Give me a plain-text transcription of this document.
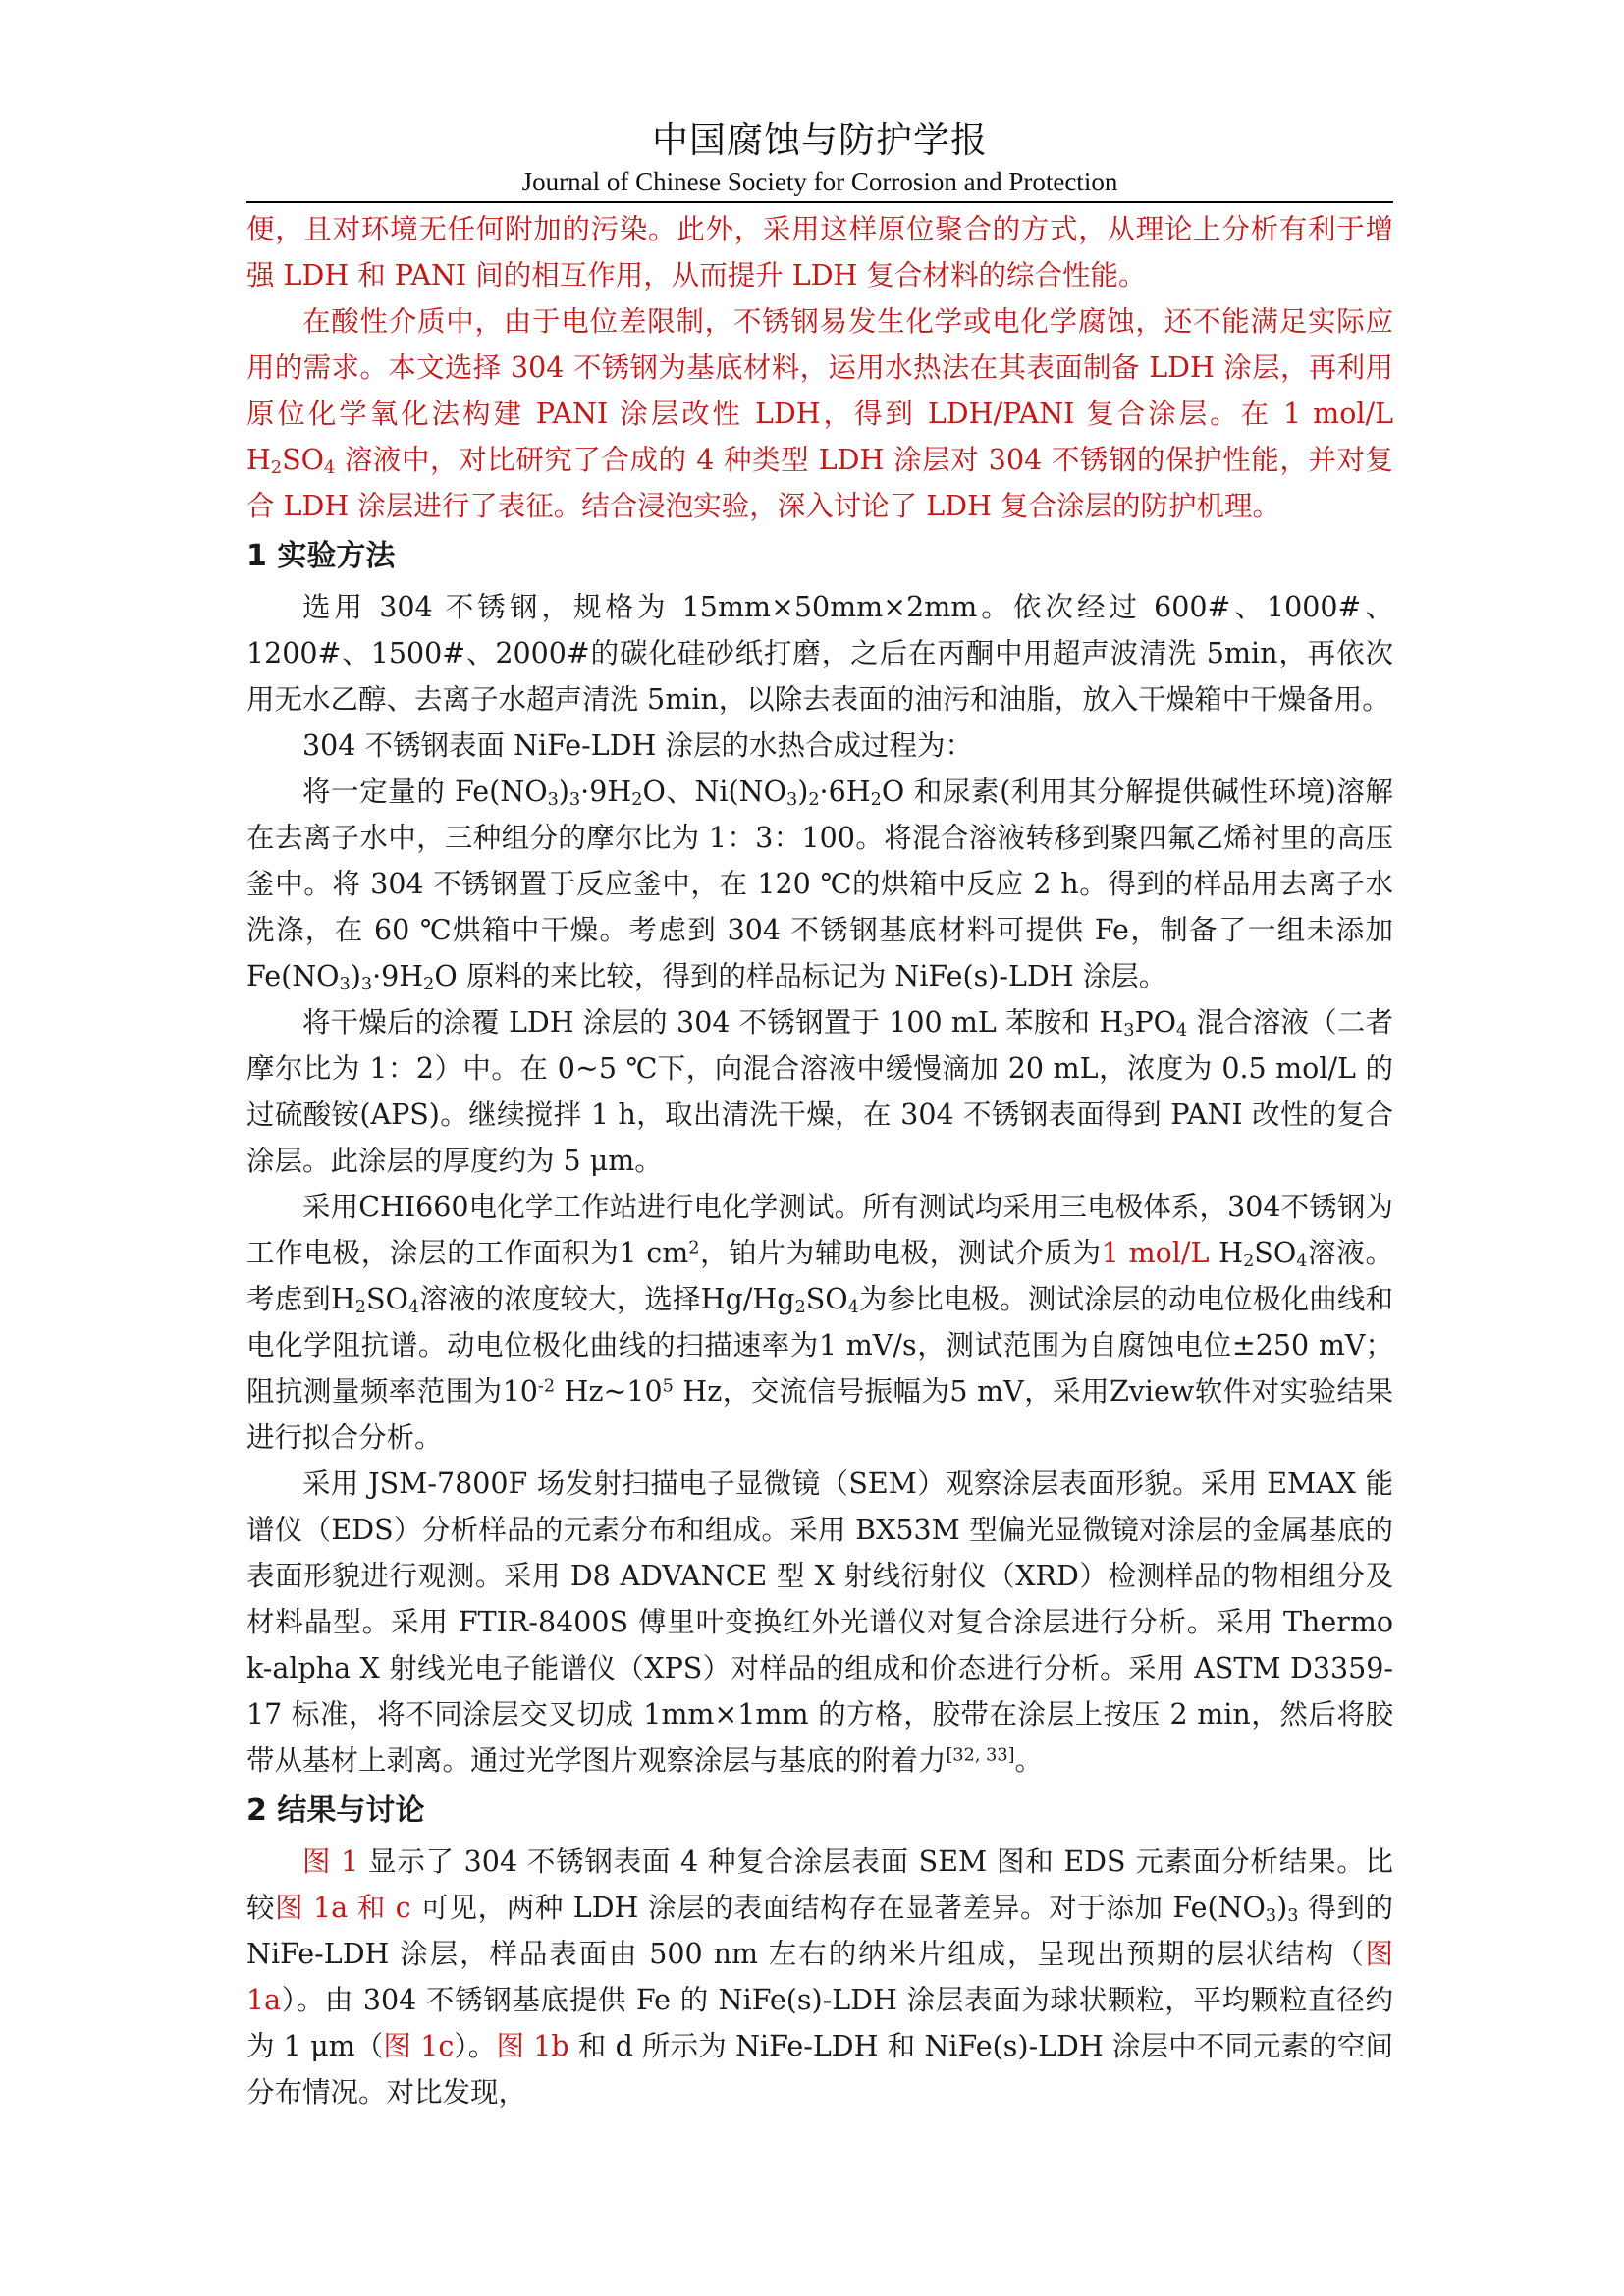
中国腐蚀与防护学报
Journal of Chinese Society for Corrosion and Protection

便，且对环境无任何附加的污染。此外，采用这样原位聚合的方式，从理论上分析有利于增强 LDH 和 PANI 间的相互作用，从而提升 LDH 复合材料的综合性能。

在酸性介质中，由于电位差限制，不锈钢易发生化学或电化学腐蚀，还不能满足实际应用的需求。本文选择 304 不锈钢为基底材料，运用水热法在其表面制备 LDH 涂层，再利用原位化学氧化法构建 PANI 涂层改性 LDH，得到 LDH/PANI 复合涂层。在 1 mol/L $H_2SO_4$ 溶液中，对比研究了合成的 4 种类型 LDH 涂层对 304 不锈钢的保护性能，并对复合 LDH 涂层进行了表征。结合浸泡实验，深入讨论了 LDH 复合涂层的防护机理。

1 实验方法

选用 304 不锈钢，规格为 15mm×50mm×2mm。依次经过 600#、1000#、1200#、1500#、2000#的碳化硅砂纸打磨，之后在丙酮中用超声波清洗 5min，再依次用无水乙醇、去离子水超声清洗 5min，以除去表面的油污和油脂，放入干燥箱中干燥备用。

304 不锈钢表面 NiFe-LDH 涂层的水热合成过程为：

将一定量的 $Fe(NO_3)_3\cdot 9H_2O$、$Ni(NO_3)_2\cdot 6H_2O$ 和尿素(利用其分解提供碱性环境)溶解在去离子水中，三种组分的摩尔比为 1：3：100。将混合溶液转移到聚四氟乙烯衬里的高压釜中。将 304 不锈钢置于反应釜中，在 120 ℃的烘箱中反应 2 h。得到的样品用去离子水洗涤，在 60 ℃烘箱中干燥。考虑到 304 不锈钢基底材料可提供 Fe，制备了一组未添加 $Fe(NO_3)_3\cdot 9H_2O$ 原料的来比较，得到的样品标记为 NiFe(s)-LDH 涂层。

将干燥后的涂覆 LDH 涂层的 304 不锈钢置于 100 mL 苯胺和 $H_3PO_4$ 混合溶液（二者摩尔比为 1：2）中。在 0~5 ℃下，向混合溶液中缓慢滴加 20 mL，浓度为 0.5 mol/L 的过硫酸铵(APS)。继续搅拌 1 h，取出清洗干燥，在 304 不锈钢表面得到 PANI 改性的复合涂层。此涂层的厚度约为 5 μm。

采用CHI660电化学工作站进行电化学测试。所有测试均采用三电极体系，304不锈钢为工作电极，涂层的工作面积为1 $cm^2$，铂片为辅助电极，测试介质为1 mol/L $H_2SO_4$溶液。考虑到$H_2SO_4$溶液的浓度较大，选择$Hg/Hg_2SO_4$为参比电极。测试涂层的动电位极化曲线和电化学阻抗谱。动电位极化曲线的扫描速率为1 mV/s，测试范围为自腐蚀电位±250 mV；阻抗测量频率范围为$10^{-2}$ $Hz\sim 10^5$ Hz，交流信号振幅为5 mV，采用Zview软件对实验结果进行拟合分析。

采用 JSM-7800F 场发射扫描电子显微镜（SEM）观察涂层表面形貌。采用 EMAX 能谱仪（EDS）分析样品的元素分布和组成。采用 BX53M 型偏光显微镜对涂层的金属基底的表面形貌进行观测。采用 D8 ADVANCE 型 X 射线衍射仪（XRD）检测样品的物相组分及材料晶型。采用 FTIR-8400S 傅里叶变换红外光谱仪对复合涂层进行分析。采用 Thermo k-alpha X 射线光电子能谱仪（XPS）对样品的组成和价态进行分析。采用 ASTM D3359-17 标准，将不同涂层交叉切成 1mm×1mm 的方格，胶带在涂层上按压 2 min，然后将胶带从基材上剥离。通过光学图片观察涂层与基底的附着力[32, 33]。

2 结果与讨论

图 1 显示了 304 不锈钢表面 4 种复合涂层表面 SEM 图和 EDS 元素面分析结果。比较图 1a 和 c 可见，两种 LDH 涂层的表面结构存在显著差异。对于添加 $Fe(NO_3)_3$ 得到的 NiFe-LDH 涂层，样品表面由 500 nm 左右的纳米片组成，呈现出预期的层状结构（图 1a）。由 304 不锈钢基底提供 Fe 的 NiFe(s)-LDH 涂层表面为球状颗粒，平均颗粒直径约为 1 μm（图 1c）。图 1b 和 d 所示为 NiFe-LDH 和 NiFe(s)-LDH 涂层中不同元素的空间分布情况。对比发现，
